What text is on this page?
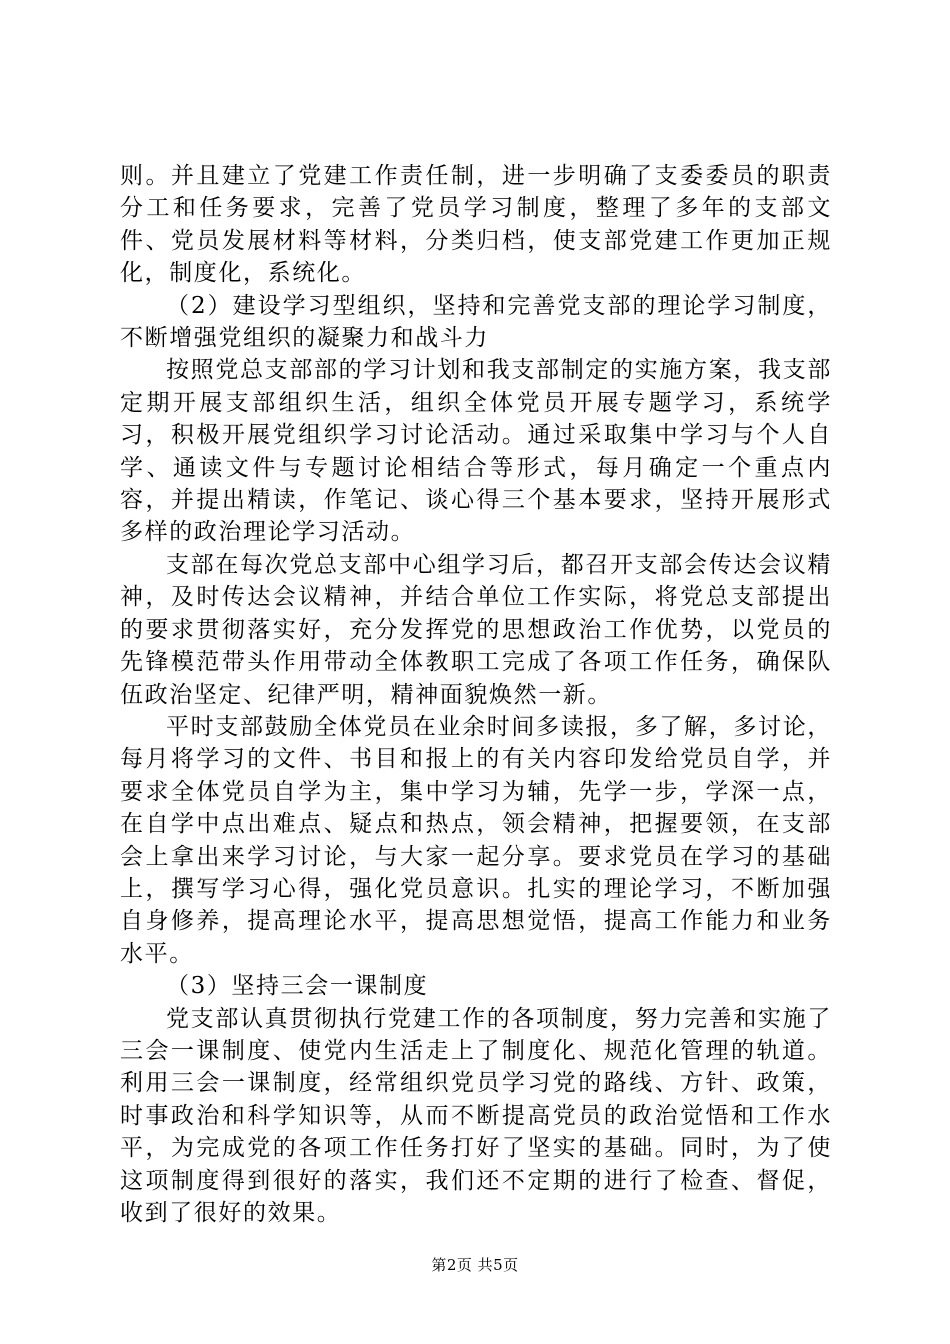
则。并且建立了党建工作责任制，进一步明确了支委委员的职责分工和任务要求，完善了党员学习制度，整理了多年的支部文件、党员发展材料等材料，分类归档，使支部党建工作更加正规化，制度化，系统化。

（2）建设学习型组织，坚持和完善党支部的理论学习制度，不断增强党组织的凝聚力和战斗力

按照党总支部部的学习计划和我支部制定的实施方案，我支部定期开展支部组织生活，组织全体党员开展专题学习，系统学习，积极开展党组织学习讨论活动。通过采取集中学习与个人自学、通读文件与专题讨论相结合等形式，每月确定一个重点内容，并提出精读，作笔记、谈心得三个基本要求，坚持开展形式多样的政治理论学习活动。

支部在每次党总支部中心组学习后，都召开支部会传达会议精神，及时传达会议精神，并结合单位工作实际，将党总支部提出的要求贯彻落实好，充分发挥党的思想政治工作优势，以党员的先锋模范带头作用带动全体教职工完成了各项工作任务，确保队伍政治坚定、纪律严明，精神面貌焕然一新。

平时支部鼓励全体党员在业余时间多读报，多了解，多讨论，每月将学习的文件、书目和报上的有关内容印发给党员自学，并要求全体党员自学为主，集中学习为辅，先学一步，学深一点，在自学中点出难点、疑点和热点，领会精神，把握要领，在支部会上拿出来学习讨论，与大家一起分享。要求党员在学习的基础上，撰写学习心得，强化党员意识。扎实的理论学习，不断加强自身修养，提高理论水平，提高思想觉悟，提高工作能力和业务水平。

（3）坚持三会一课制度

党支部认真贯彻执行党建工作的各项制度，努力完善和实施了三会一课制度、使党内生活走上了制度化、规范化管理的轨道。利用三会一课制度，经常组织党员学习党的路线、方针、政策，时事政治和科学知识等，从而不断提高党员的政治觉悟和工作水平，为完成党的各项工作任务打好了坚实的基础。同时，为了使这项制度得到很好的落实，我们还不定期的进行了检查、督促，收到了很好的效果。

第2页 共5页
